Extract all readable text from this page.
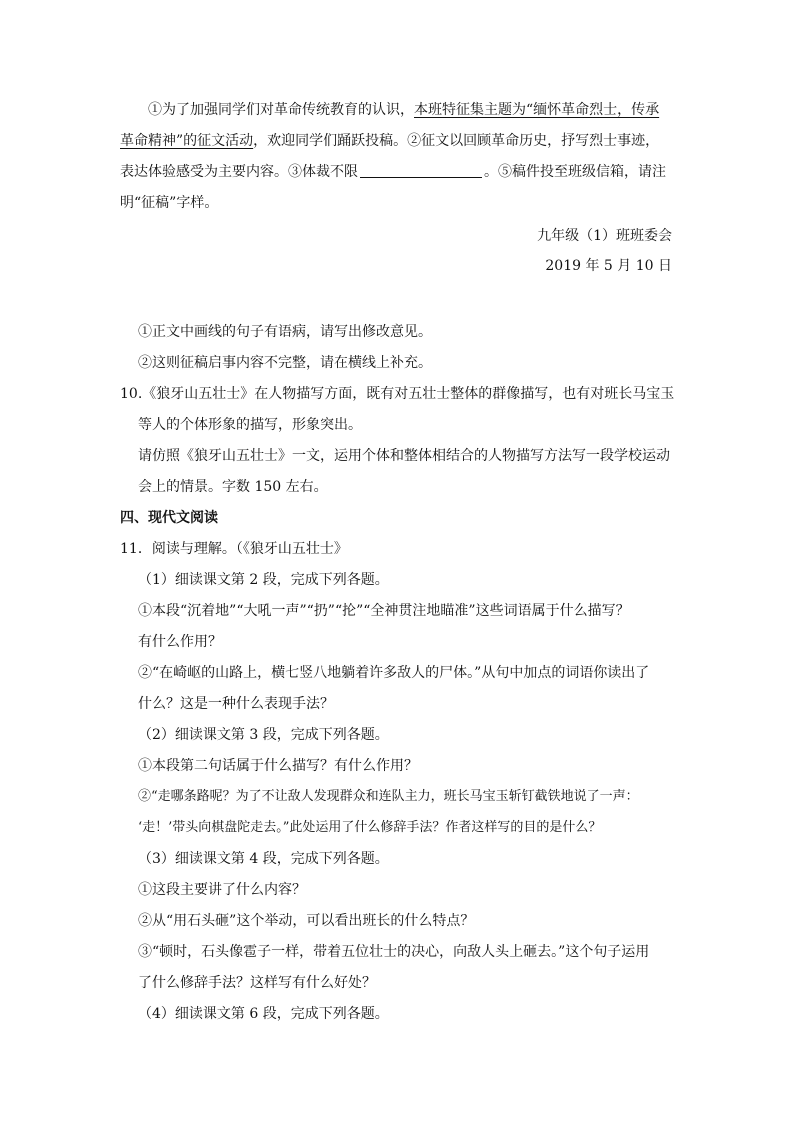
①为了加强同学们对革命传统教育的认识，本班特征集主题为“缅怀革命烈士，传承
革命精神”的征文活动，欢迎同学们踊跃投稿。②征文以回顾革命历史，抒写烈士事迹，
表达体验感受为主要内容。③体裁不限	。⑤稿件投至班级信箱，请注
明“征稿”字样。
九年级（1）班班委会
2019 年 5 月 10 日
①正文中画线的句子有语病，请写出修改意见。
②这则征稿启事内容不完整，请在横线上补充。
10.《狼牙山五壮士》在人物描写方面，既有对五壮士整体的群像描写，也有对班长马宝玉
等人的个体形象的描写，形象突出。
请仿照《狼牙山五壮士》一文，运用个体和整体相结合的人物描写方法写一段学校运动
会上的情景。字数 150 左右。
四、现代文阅读
11．阅读与理解。（《狼牙山五壮士》
（1）细读课文第 2 段，完成下列各题。
①本段“沉着地”“大吼一声”“扔”“抡”“全神贯注地瞄准”这些词语属于什么描写？
有什么作用？
②“在崎岖的山路上，横七竖八地躺着许多敌人的尸体。”从句中加点的词语你读出了
什么？这是一种什么表现手法？
（2）细读课文第 3 段，完成下列各题。
①本段第二句话属于什么描写？有什么作用？
②“走哪条路呢？为了不让敌人发现群众和连队主力，班长马宝玉斩钉截铁地说了一声：
‘走！’带头向棋盘陀走去。”此处运用了什么修辞手法？作者这样写的目的是什么？
（3）细读课文第 4 段，完成下列各题。
①这段主要讲了什么内容？
②从“用石头砸”这个举动，可以看出班长的什么特点？
③“顿时，石头像雹子一样，带着五位壮士的决心，向敌人头上砸去。”这个句子运用
了什么修辞手法？这样写有什么好处？
（4）细读课文第 6 段，完成下列各题。
